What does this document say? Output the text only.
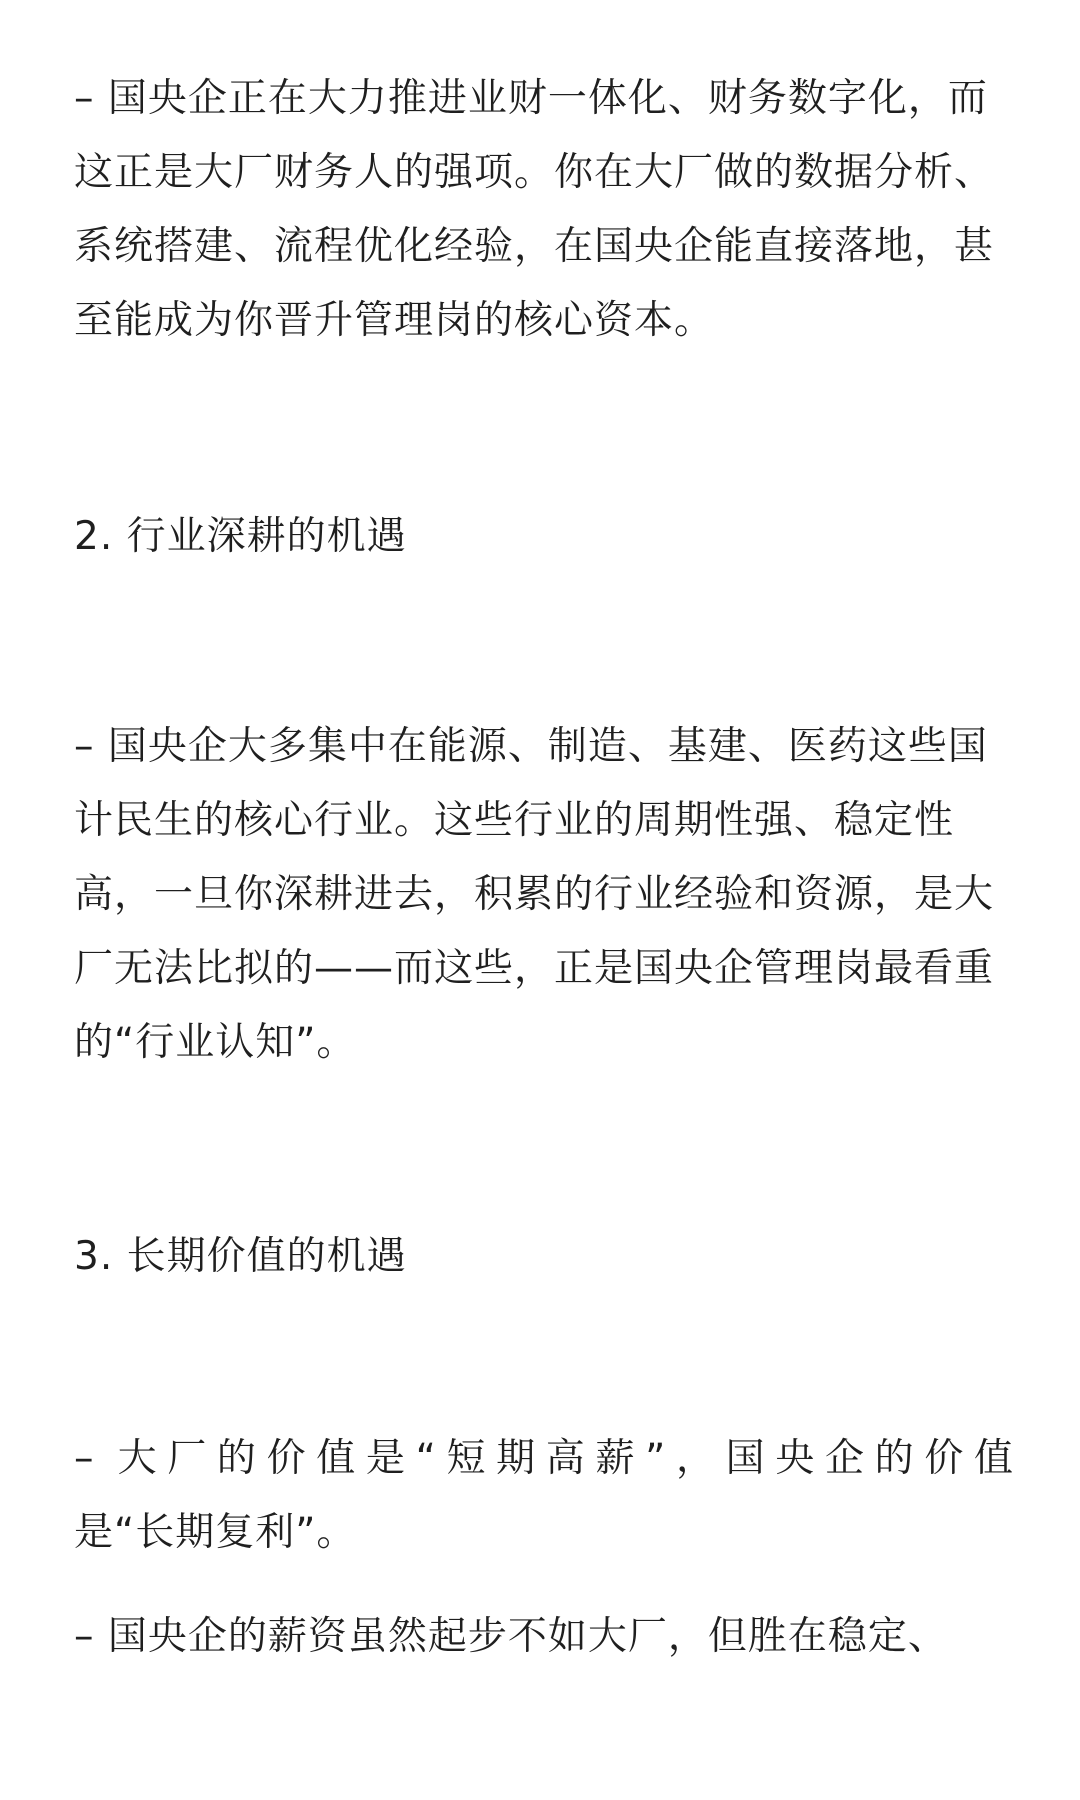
– 国央企正在大力推进业财一体化、财务数字化，而这正是大厂财务人的强项。你在大厂做的数据分析、系统搭建、流程优化经验，在国央企能直接落地，甚至能成为你晋升管理岗的核心资本。

2. 行业深耕的机遇

– 国央企大多集中在能源、制造、基建、医药这些国计民生的核心行业。这些行业的周期性强、稳定性高，一旦你深耕进去，积累的行业经验和资源，是大厂无法比拟的——而这些，正是国央企管理岗最看重的“行业认知”。

3. 长期价值的机遇
– 大厂的价值是“短期高薪”，国央企的价值
是“长期复利”。

– 国央企的薪资虽然起步不如大厂，但胜在稳定、
